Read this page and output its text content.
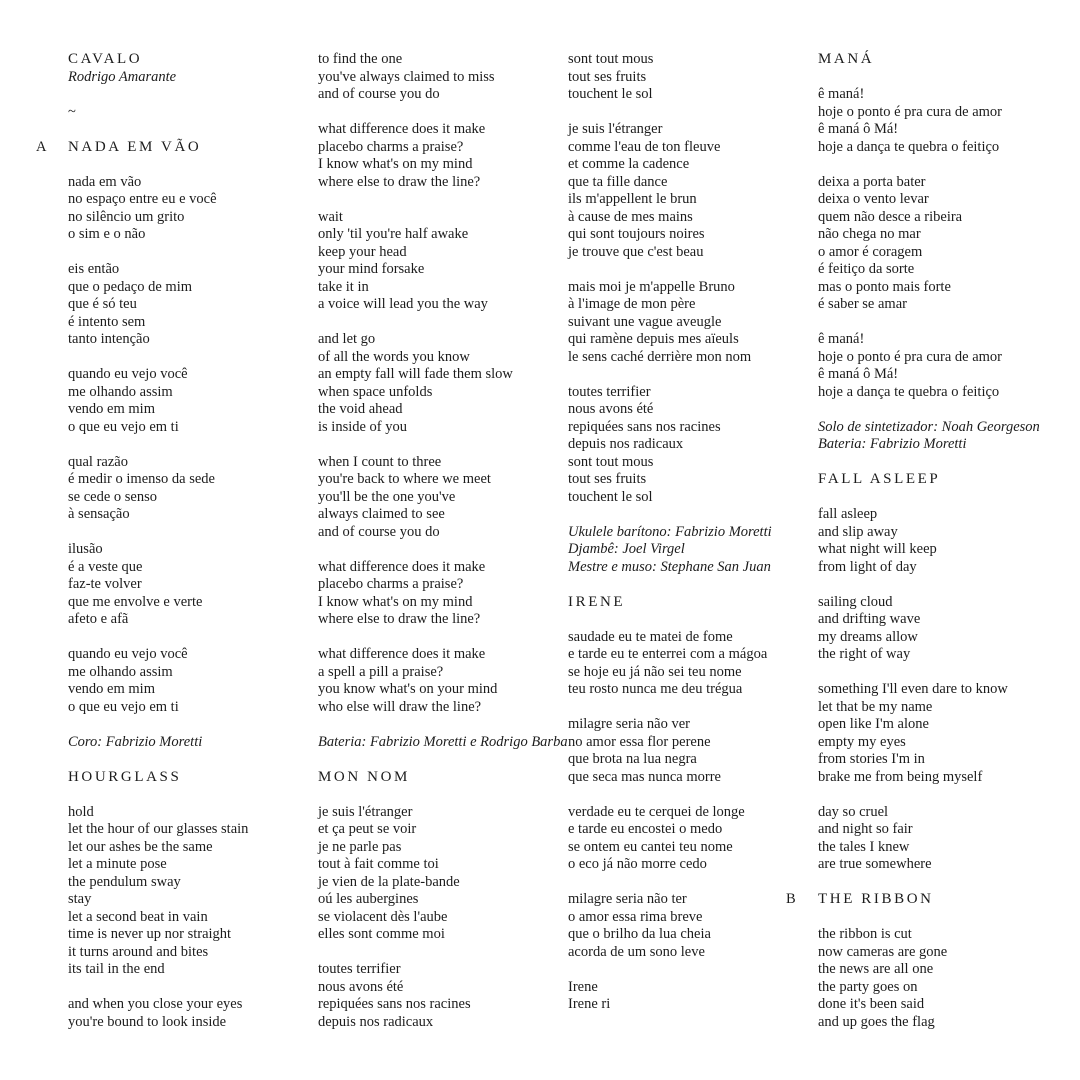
CAVALO
Rodrigo Amarante
~
A NADA EM VÃO
nada em vão
no espaço entre eu e você
no silêncio um grito
o sim e o não
eis então
que o pedaço de mim
que é só teu
é intento sem
tanto intenção
quando eu vejo você
me olhando assim
vendo em mim
o que eu vejo em ti
qual razão
é medir o imenso da sede
se cede o senso
à sensação
ilusão
é a veste que
faz-te volver
que me envolve e verte
afeto e afã
quando eu vejo você
me olhando assim
vendo em mim
o que eu vejo em ti
Coro: Fabrizio Moretti
HOURGLASS
hold
let the hour of our glasses stain
let our ashes be the same
let a minute pose
the pendulum sway
stay
let a second beat in vain
time is never up nor straight
it turns around and bites
its tail in the end
and when you close your eyes
you're bound to look inside
to find the one
you've always claimed to miss
and of course you do
what difference does it make
placebo charms a praise?
I know what's on my mind
where else to draw the line?
wait
only 'til you're half awake
keep your head
your mind forsake
take it in
a voice will lead you the way
and let go
of all the words you know
an empty fall will fade them slow
when space unfolds
the void ahead
is inside of you
when I count to three
you're back to where we meet
you'll be the one you've
always claimed to see
and of course you do
what difference does it make
placebo charms a praise?
I know what's on my mind
where else to draw the line?
what difference does it make
a spell a pill a praise?
you know what's on your mind
who else will draw the line?
Bateria: Fabrizio Moretti e Rodrigo Barba
MON NOM
je suis l'étranger
et ça peut se voir
je ne parle pas
tout à fait comme toi
je vien de la plate-bande
oú les aubergines
se violacent dès l'aube
elles sont comme moi
toutes terrifier
nous avons été
repiquées sans nos racines
depuis nos radicaux
sont tout mous
tout ses fruits
touchent le sol
je suis l'étranger
comme l'eau de ton fleuve
et comme la cadence
que ta fille dance
ils m'appellent le brun
à cause de mes mains
qui sont toujours noires
je trouve que c'est beau
mais moi je m'appelle Bruno
à l'image de mon père
suivant une vague aveugle
qui ramène depuis mes aïeuls
le sens caché derrière mon nom
toutes terrifier
nous avons été
repiquées sans nos racines
depuis nos radicaux
sont tout mous
tout ses fruits
touchent le sol
Ukulele barítono: Fabrizio Moretti
Djambê: Joel Virgel
Mestre e muso: Stephane San Juan
IRENE
saudade eu te matei de fome
e tarde eu te enterrei com a mágoa
se hoje eu já não sei teu nome
teu rosto nunca me deu trégua
milagre seria não ver
no amor essa flor perene
que brota na lua negra
que seca mas nunca morre
verdade eu te cerquei de longe
e tarde eu encostei o medo
se ontem eu cantei teu nome
o eco já não morre cedo
milagre seria não ter
o amor essa rima breve
que o brilho da lua cheia
acorda de um sono leve
Irene
Irene ri
MANÁ
ê maná!
hoje o ponto é pra cura de amor
ê maná ô Má!
hoje a dança te quebra o feitiço
deixa a porta bater
deixa o vento levar
quem não desce a ribeira
não chega no mar
o amor é coragem
é feitiço da sorte
mas o ponto mais forte
é saber se amar
ê maná!
hoje o ponto é pra cura de amor
ê maná ô Má!
hoje a dança te quebra o feitiço
Solo de sintetizador: Noah Georgeson
Bateria: Fabrizio Moretti
FALL ASLEEP
fall asleep
and slip away
what night will keep
from light of day
sailing cloud
and drifting wave
my dreams allow
the right of way
something I'll even dare to know
let that be my name
open like I'm alone
empty my eyes
from stories I'm in
brake me from being myself
day so cruel
and night so fair
the tales I knew
are true somewhere
B THE RIBBON
the ribbon is cut
now cameras are gone
the news are all one
the party goes on
done it's been said
and up goes the flag
